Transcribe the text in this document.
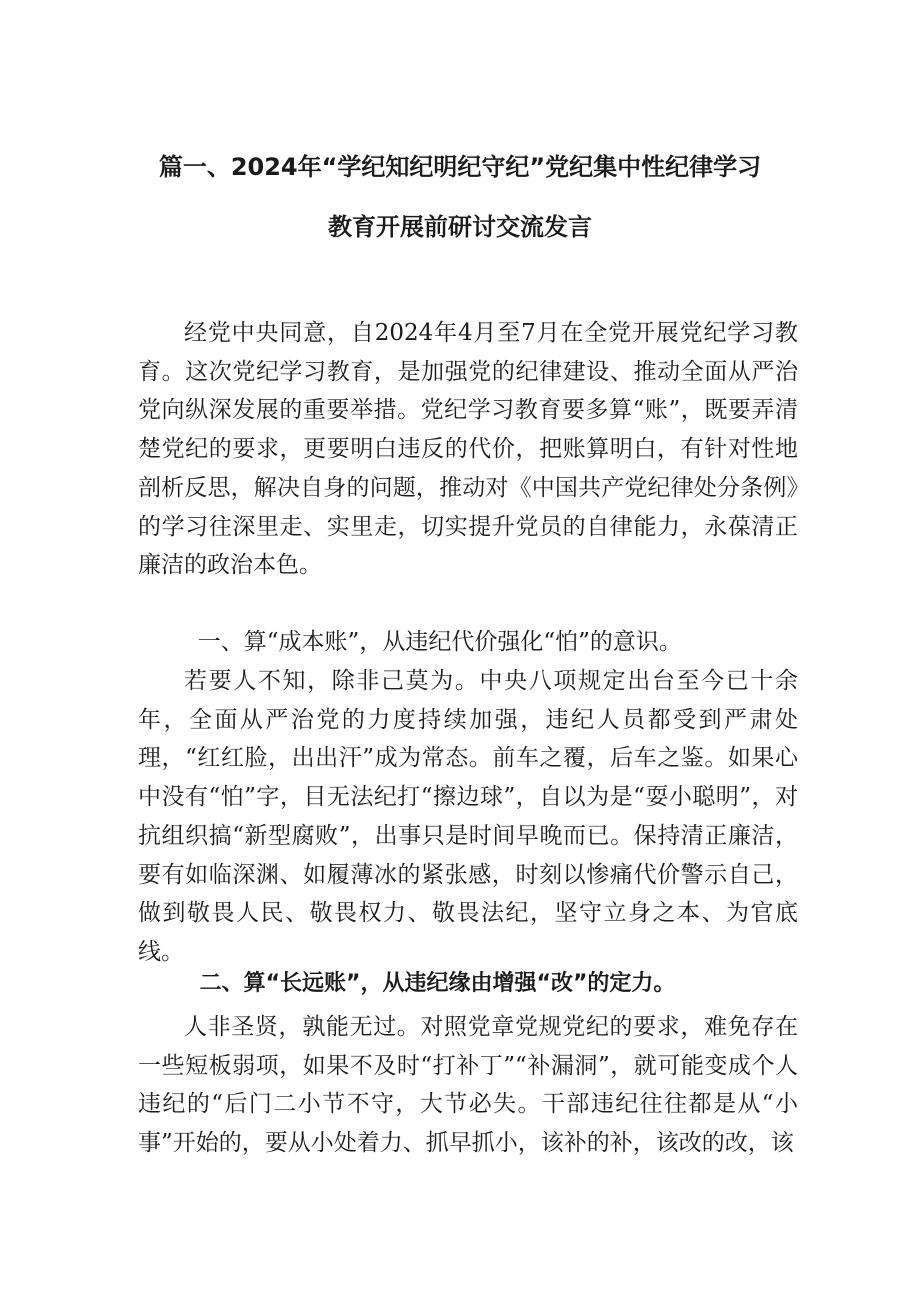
篇一、2024年“学纪知纪明纪守纪”党纪集中性纪律学习
教育开展前研讨交流发言

经党中央同意，自2024年4月至7月在全党开展党纪学习教育。这次党纪学习教育，是加强党的纪律建设、推动全面从严治党向纵深发展的重要举措。党纪学习教育要多算“账”，既要弄清楚党纪的要求，更要明白违反的代价，把账算明白，有针对性地剖析反思，解决自身的问题，推动对《中国共产党纪律处分条例》的学习往深里走、实里走，切实提升党员的自律能力，永葆清正廉洁的政治本色。

一、算“成本账”，从违纪代价强化“怕”的意识。

若要人不知，除非己莫为。中央八项规定出台至今已十余年，全面从严治党的力度持续加强，违纪人员都受到严肃处理，“红红脸，出出汗”成为常态。前车之覆，后车之鉴。如果心中没有“怕”字，目无法纪打“擦边球”，自以为是“耍小聪明”，对抗组织搞“新型腐败”，出事只是时间早晚而已。保持清正廉洁，要有如临深渊、如履薄冰的紧张感，时刻以惨痛代价警示自己，做到敬畏人民、敬畏权力、敬畏法纪，坚守立身之本、为官底线。

二、算“长远账”，从违纪缘由增强“改”的定力。

人非圣贤，孰能无过。对照党章党规党纪的要求，难免存在一些短板弱项，如果不及时“打补丁”“补漏洞”，就可能变成个人违纪的“后门二小节不守，大节必失。干部违纪往往都是从“小事”开始的，要从小处着力、抓早抓小，该补的补，该改的改，该
